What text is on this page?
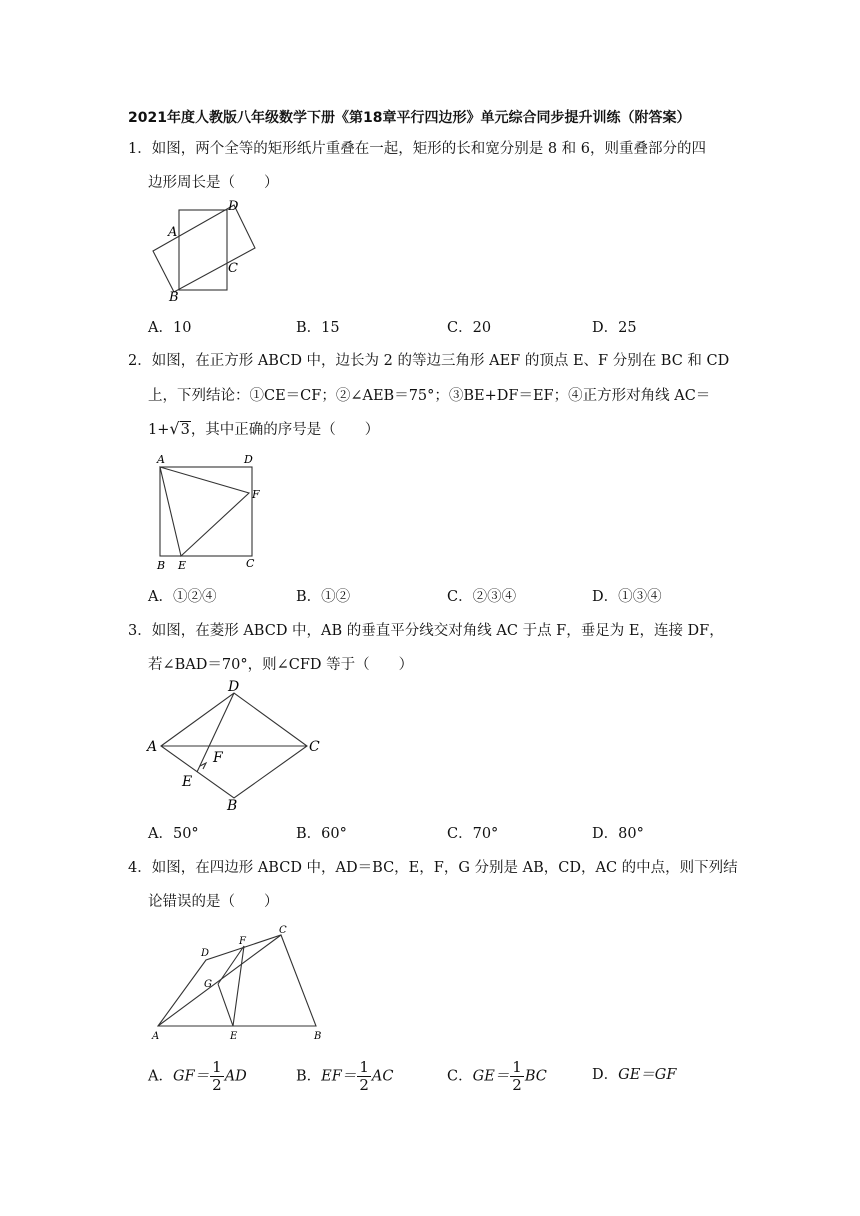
2021年度人教版八年级数学下册《第18章平行四边形》单元综合同步提升训练（附答案）
1．如图，两个全等的矩形纸片重叠在一起，矩形的长和宽分别是 8 和 6，则重叠部分的四
边形周长是（　　）
A
B
C
D
A．10	B．15	C．20	D．25
2．如图，在正方形 ABCD 中，边长为 2 的等边三角形 AEF 的顶点 E、F 分别在 BC 和 CD
上，下列结论：①CE＝CF；②∠AEB＝75°；③BE+DF＝EF；④正方形对角线 AC＝
1+√3，其中正确的序号是（　　）
A	D
F
B E	C
A．①②④	B．①②	C．②③④	D．①③④
3．如图，在菱形 ABCD 中，AB 的垂直平分线交对角线 AC 于点 F，垂足为 E，连接 DF，
若∠BAD＝70°，则∠CFD 等于（　　）
D
A	C
F
E
B
A．50°	B．60°	C．70°	D．80°
4．如图，在四边形 ABCD 中，AD＝BC，E，F，G 分别是 AB，CD，AC 的中点，则下列结
论错误的是（　　）
C
F
D
G
A	E	B
A．$GF= \frac{1}{2}$ AD	B．$EF= \frac{1}{2}$ AC	C．$GE= \frac{1}{2}$ BC	D．GE＝GF
